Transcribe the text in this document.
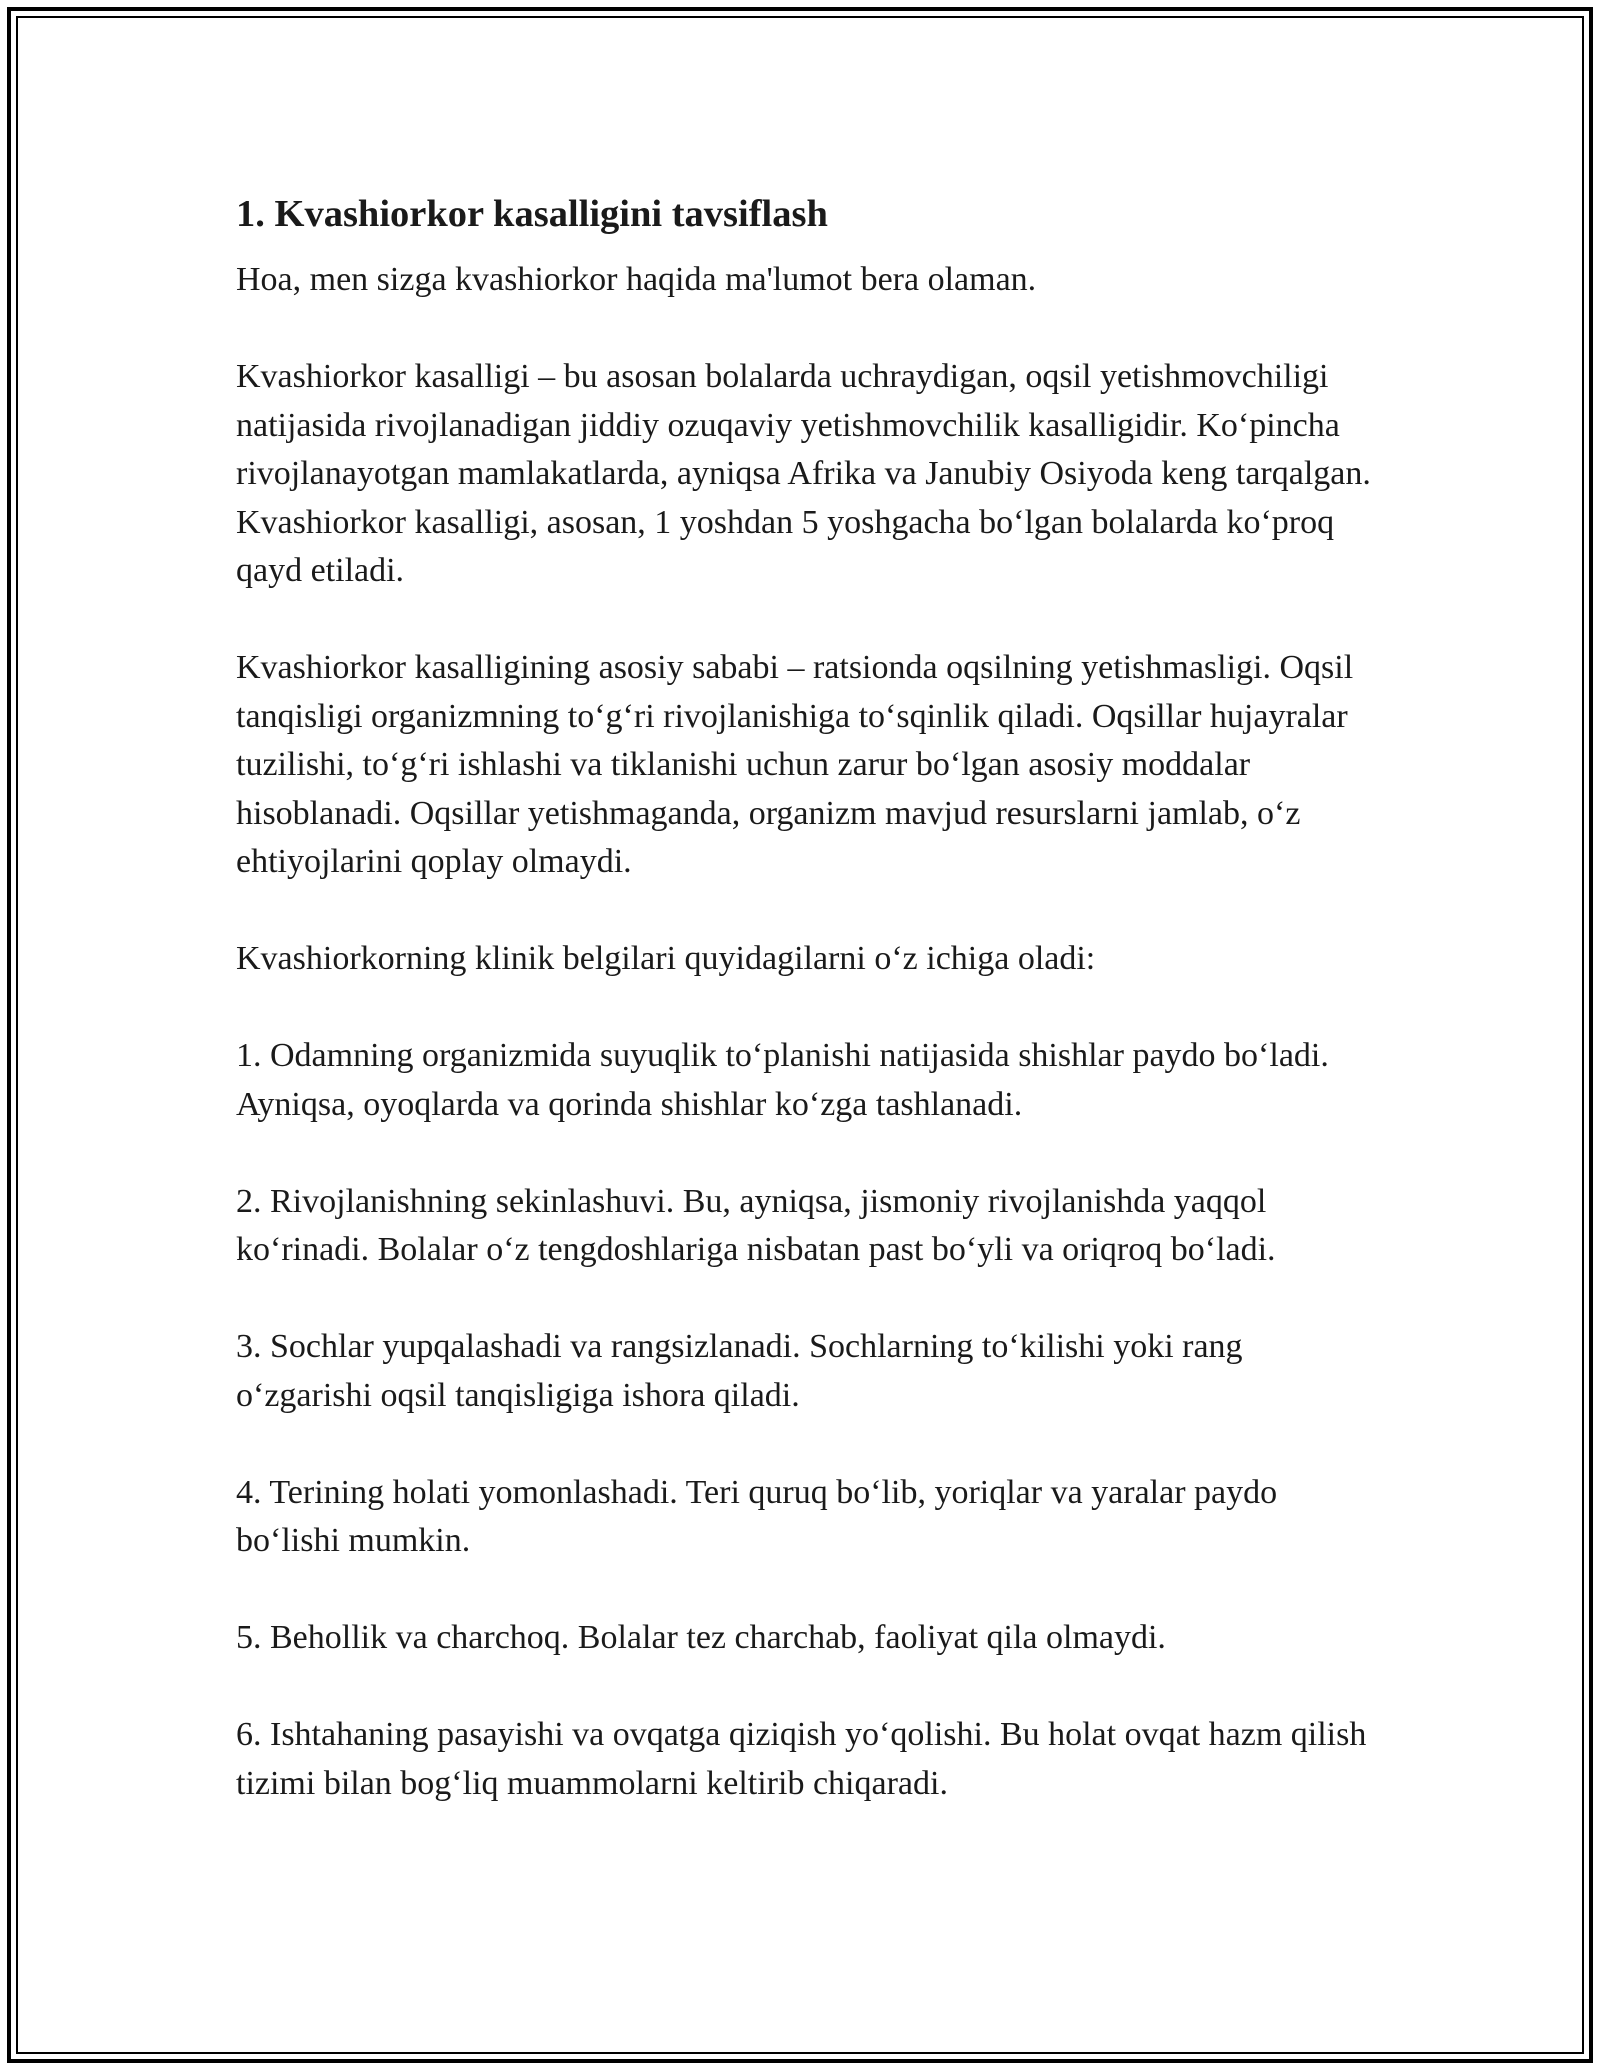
1. Kvashiorkor kasalligini tavsiflash

Hoa, men sizga kvashiorkor haqida ma'lumot bera olaman.

Kvashiorkor kasalligi – bu asosan bolalarda uchraydigan, oqsil yetishmovchiligi natijasida rivojlanadigan jiddiy ozuqaviy yetishmovchilik kasalligidir. Ko‘pincha rivojlanayotgan mamlakatlarda, ayniqsa Afrika va Janubiy Osiyoda keng tarqalgan. Kvashiorkor kasalligi, asosan, 1 yoshdan 5 yoshgacha bo‘lgan bolalarda ko‘proq qayd etiladi.

Kvashiorkor kasalligining asosiy sababi – ratsionda oqsilning yetishmasligi. Oqsil tanqisligi organizmning to‘g‘ri rivojlanishiga to‘sqinlik qiladi. Oqsillar hujayralar tuzilishi, to‘g‘ri ishlashi va tiklanishi uchun zarur bo‘lgan asosiy moddalar hisoblanadi. Oqsillar yetishmaganda, organizm mavjud resurslarni jamlab, o‘z ehtiyojlarini qoplay olmaydi.

Kvashiorkorning klinik belgilari quyidagilarni o‘z ichiga oladi:

1. Odamning organizmida suyuqlik to‘planishi natijasida shishlar paydo bo‘ladi. Ayniqsa, oyoqlarda va qorinda shishlar ko‘zga tashlanadi.

2. Rivojlanishning sekinlashuvi. Bu, ayniqsa, jismoniy rivojlanishda yaqqol ko‘rinadi. Bolalar o‘z tengdoshlariga nisbatan past bo‘yli va oriqroq bo‘ladi.

3. Sochlar yupqalashadi va rangsizlanadi. Sochlarning to‘kilishi yoki rang o‘zgarishi oqsil tanqisligiga ishora qiladi.

4. Terining holati yomonlashadi. Teri quruq bo‘lib, yoriqlar va yaralar paydo bo‘lishi mumkin.

5. Behollik va charchoq. Bolalar tez charchab, faoliyat qila olmaydi.

6. Ishtahaning pasayishi va ovqatga qiziqish yo‘qolishi. Bu holat ovqat hazm qilish tizimi bilan bog‘liq muammolarni keltirib chiqaradi.
